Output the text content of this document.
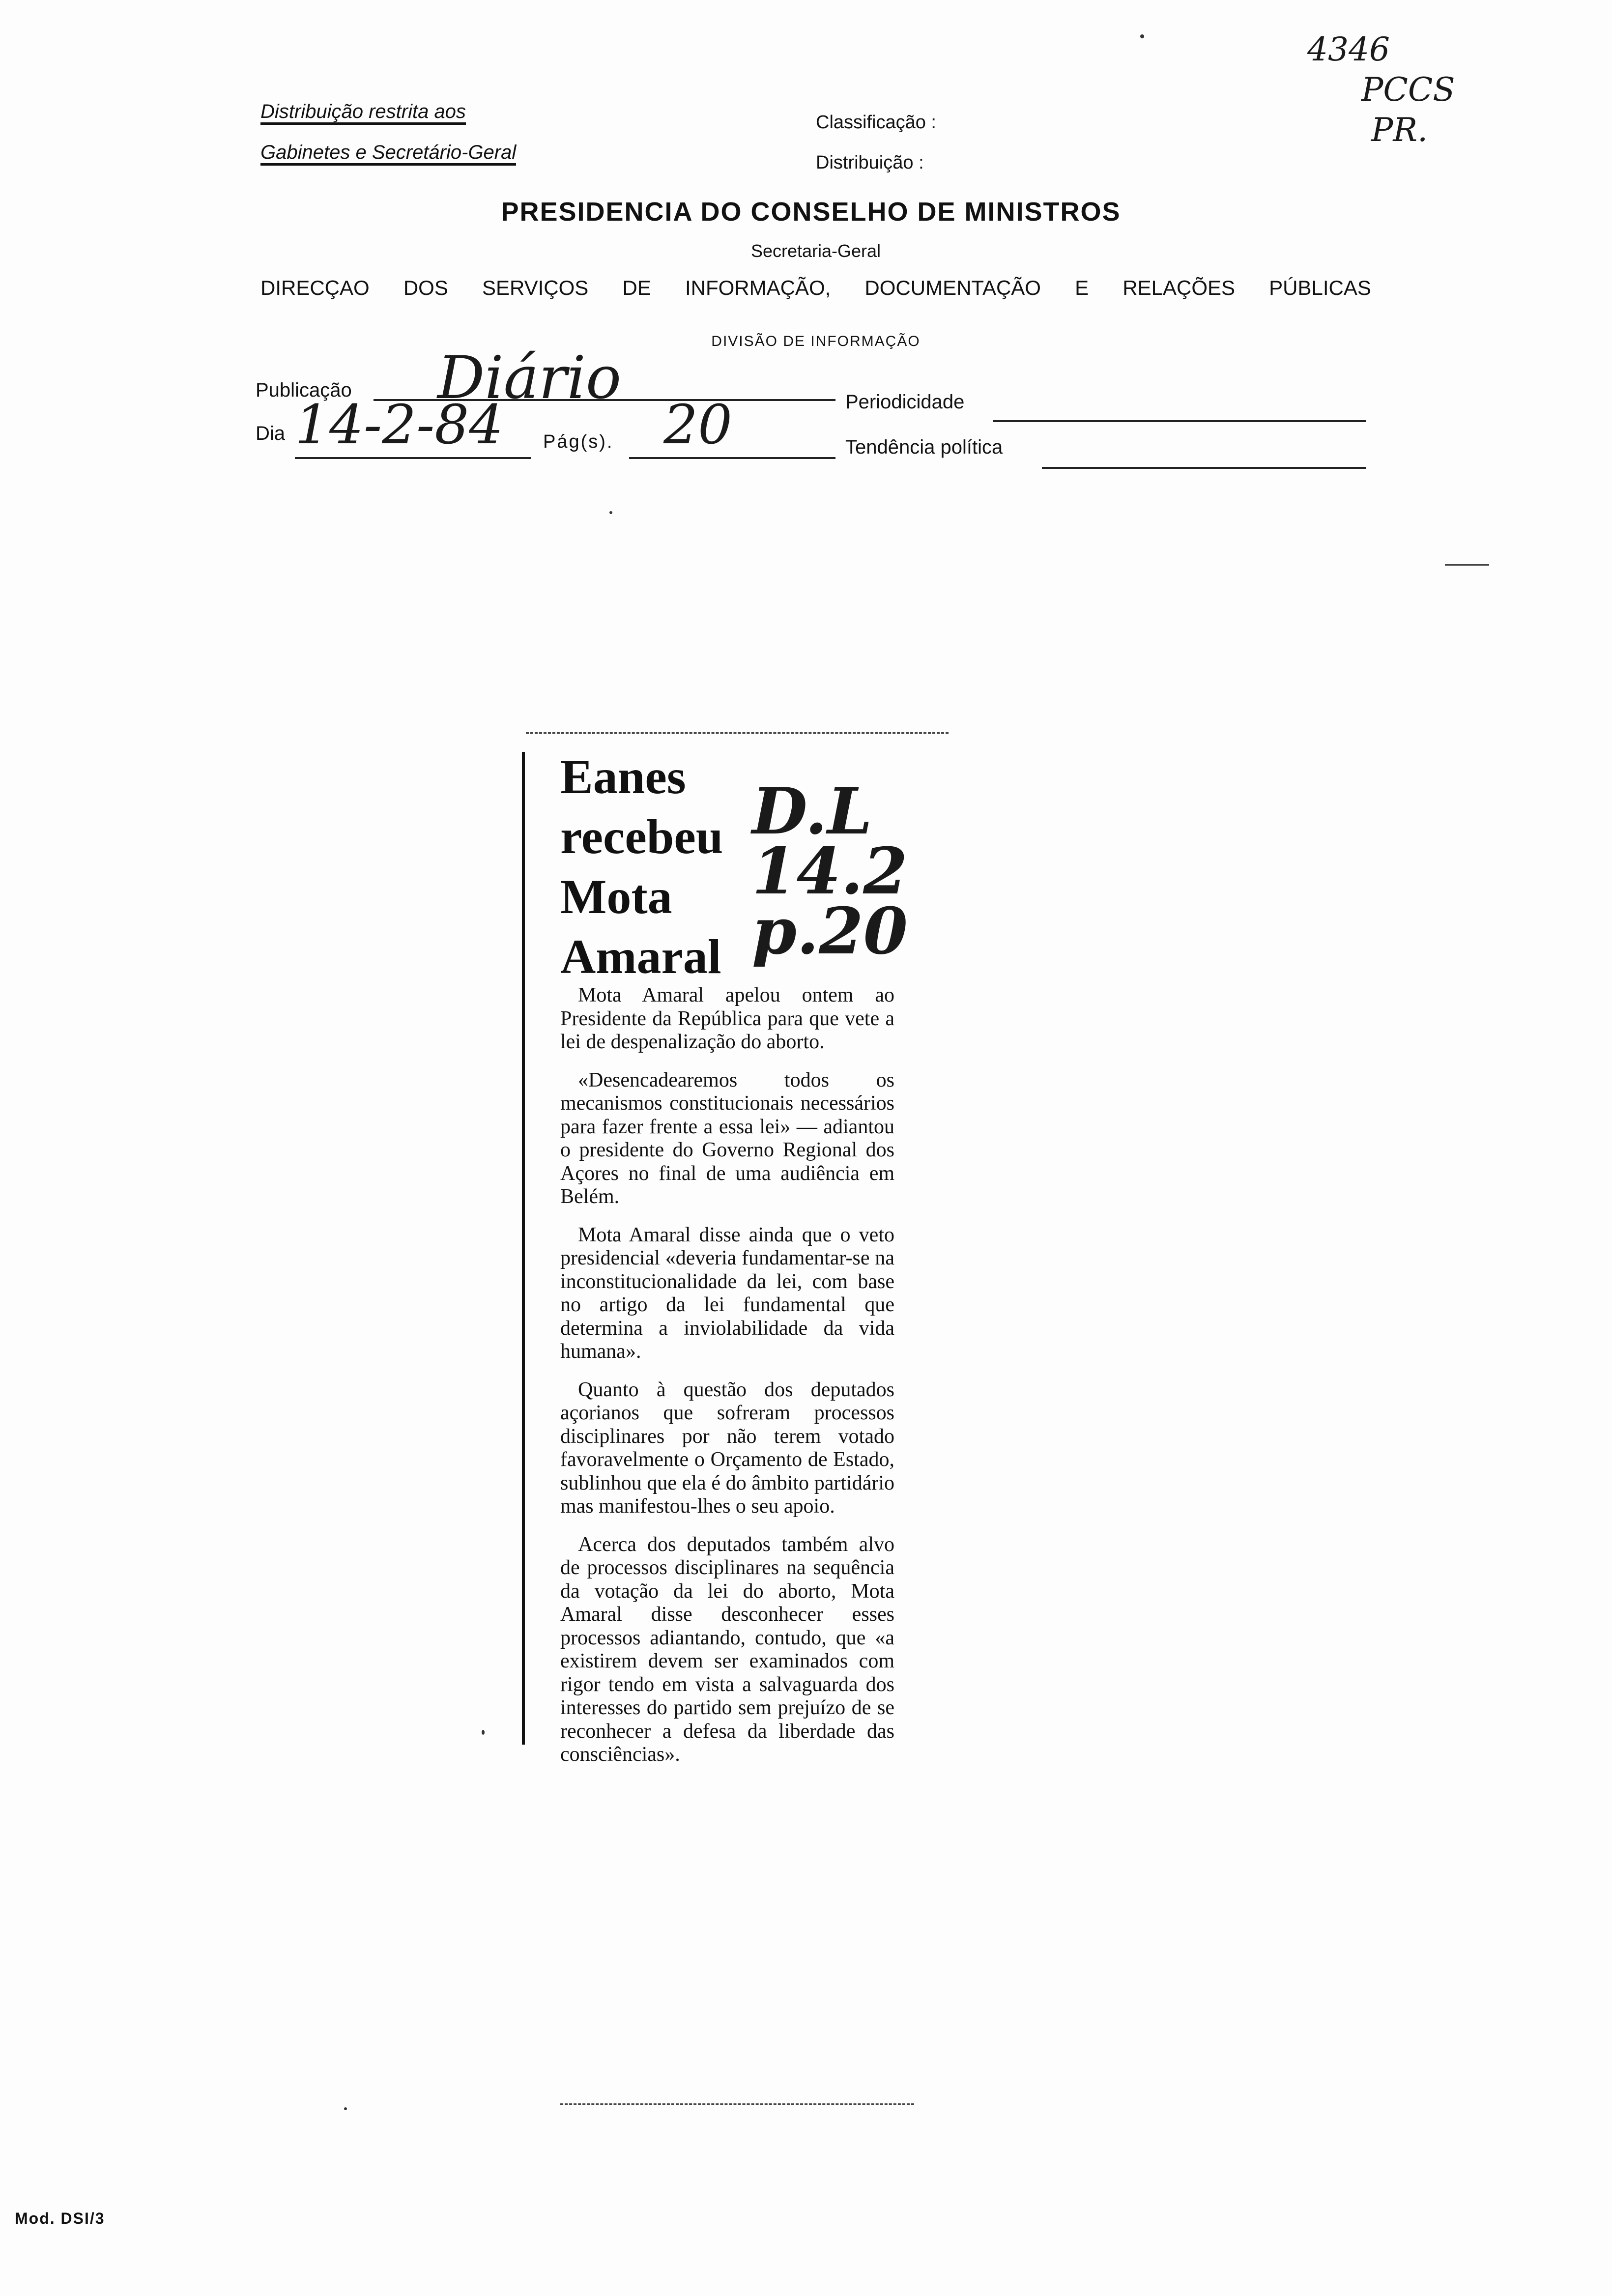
Distribuição restrita aos
Gabinetes e Secretário-Geral
Classificação :
Distribuição :
4346
PCCS
PR.
PRESIDENCIA DO CONSELHO DE MINISTROS
Secretaria-Geral
DIRECÇAO DOS SERVIÇOS DE INFORMAÇÃO, DOCUMENTAÇÃO E RELAÇÕES PÚBLICAS
DIVISÃO DE INFORMAÇÃO
Publicação Diário	Periodicidade
Dia 14-2-84 Pág(s). 20	Tendência política
Eanes
recebeu
Mota
Amaral
D.L
14.2
p.20

Mota Amaral apelou ontem ao Presidente da República para que vete a lei de despenalização do aborto.

«Desencadearemos todos os mecanismos constitucionais necessários para fazer frente a essa lei» — adiantou o presidente do Governo Regional dos Açores no final de uma audiência em Belém.

Mota Amaral disse ainda que o veto presidencial «deveria fundamentar-se na inconstitucionalidade da lei, com base no artigo da lei fundamental que determina a inviolabilidade da vida humana».

Quanto à questão dos deputados açorianos que sofreram processos disciplinares por não terem votado favoravelmente o Orçamento de Estado, sublinhou que ela é do âmbito partidário mas manifestou-lhes o seu apoio.

Acerca dos deputados também alvo de processos disciplinares na sequência da votação da lei do aborto, Mota Amaral disse desconhecer esses processos adiantando, contudo, que «a existirem devem ser examinados com rigor tendo em vista a salvaguarda dos interesses do partido sem prejuízo de se reconhecer a defesa da liberdade das consciências».

Mod. DSI/3
